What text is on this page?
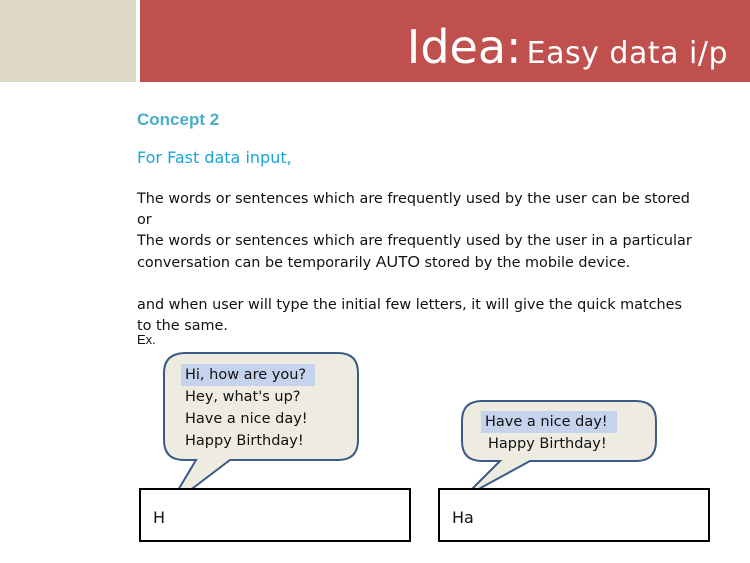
Idea: Easy data i/p
Concept 2
For Fast data input,

The words or sentences which are frequently used by the user can be stored

or

The words or sentences which are frequently used by the user in a particular

conversation can be temporarily AUTO stored by the mobile device.

and when user will type the initial few letters, it will give the quick matches

to the same.

Ex.
Hi, how are you?
Hey, what's up?
Have a nice day!
Happy Birthday!
Have a nice day!
Happy Birthday!
H	Ha
